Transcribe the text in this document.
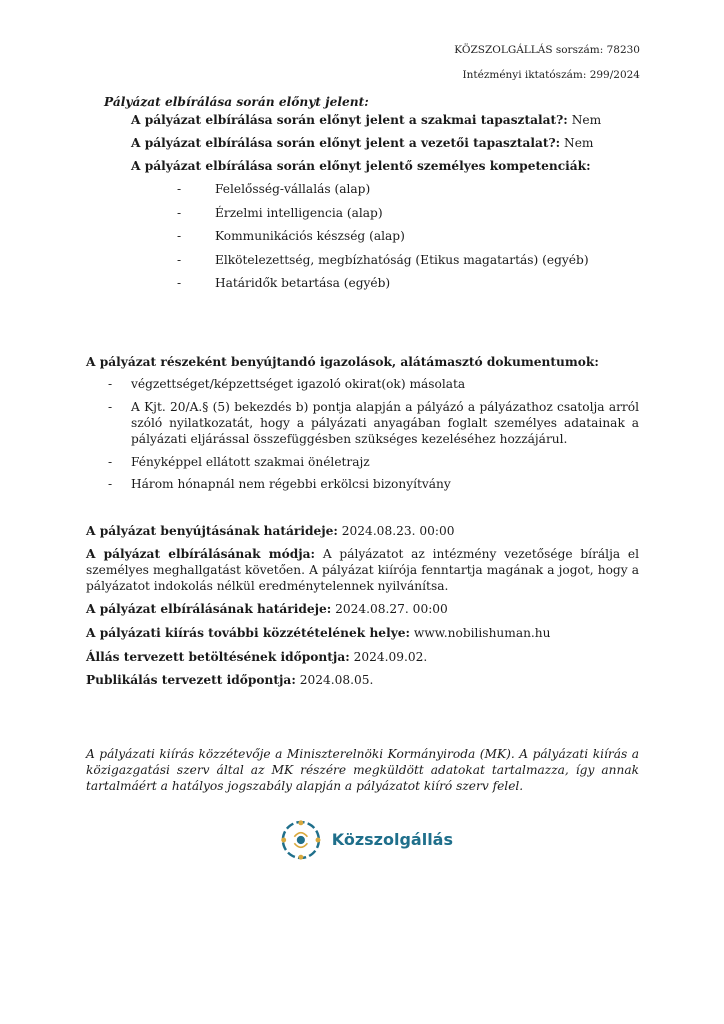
KÖZSZOLGÁLLÁS sorszám: 78230
Intézményi iktatószám: 299/2024
Pályázat elbírálása során előnyt jelent:
A pályázat elbírálása során előnyt jelent a szakmai tapasztalat?: Nem
A pályázat elbírálása során előnyt jelent a vezetői tapasztalat?: Nem
A pályázat elbírálása során előnyt jelentő személyes kompetenciák:
-	Felelősség-vállalás (alap)
-	Érzelmi intelligencia (alap)
-	Kommunikációs készség (alap)
-	Elkötelezettség, megbízhatóság (Etikus magatartás) (egyéb)
-	Határidők betartása (egyéb)
A pályázat részeként benyújtandó igazolások, alátámasztó dokumentumok:
- végzettséget/képzettséget igazoló okirat(ok) másolata
- A Kjt. 20/A.§ (5) bekezdés b) pontja alapján a pályázó a pályázathoz csatolja arról szóló nyilatkozatát, hogy a pályázati anyagában foglalt személyes adatainak a pályázati eljárással összefüggésben szükséges kezeléséhez hozzájárul.
- Fényképpel ellátott szakmai önéletrajz
- Három hónapnál nem régebbi erkölcsi bizonyítvány
A pályázat benyújtásának határideje: 2024.08.23. 00:00
A pályázat elbírálásának módja: A pályázatot az intézmény vezetősége bírálja el személyes meghallgatást követően. A pályázat kiírója fenntartja magának a jogot, hogy a pályázatot indokolás nélkül eredménytelennek nyilvánítsa.
A pályázat elbírálásának határideje: 2024.08.27. 00:00
A pályázati kiírás további közzétételének helye: www.nobilishuman.hu
Állás tervezett betöltésének időpontja: 2024.09.02.
Publikálás tervezett időpontja: 2024.08.05.
A pályázati kiírás közzétevője a Miniszterelnöki Kormányiroda (MK). A pályázati kiírás a közigazgatási szerv által az MK részére megküldött adatokat tartalmazza, így annak tartalmáért a hatályos jogszabály alapján a pályázatot kiíró szerv felel.
Közszolgállás
